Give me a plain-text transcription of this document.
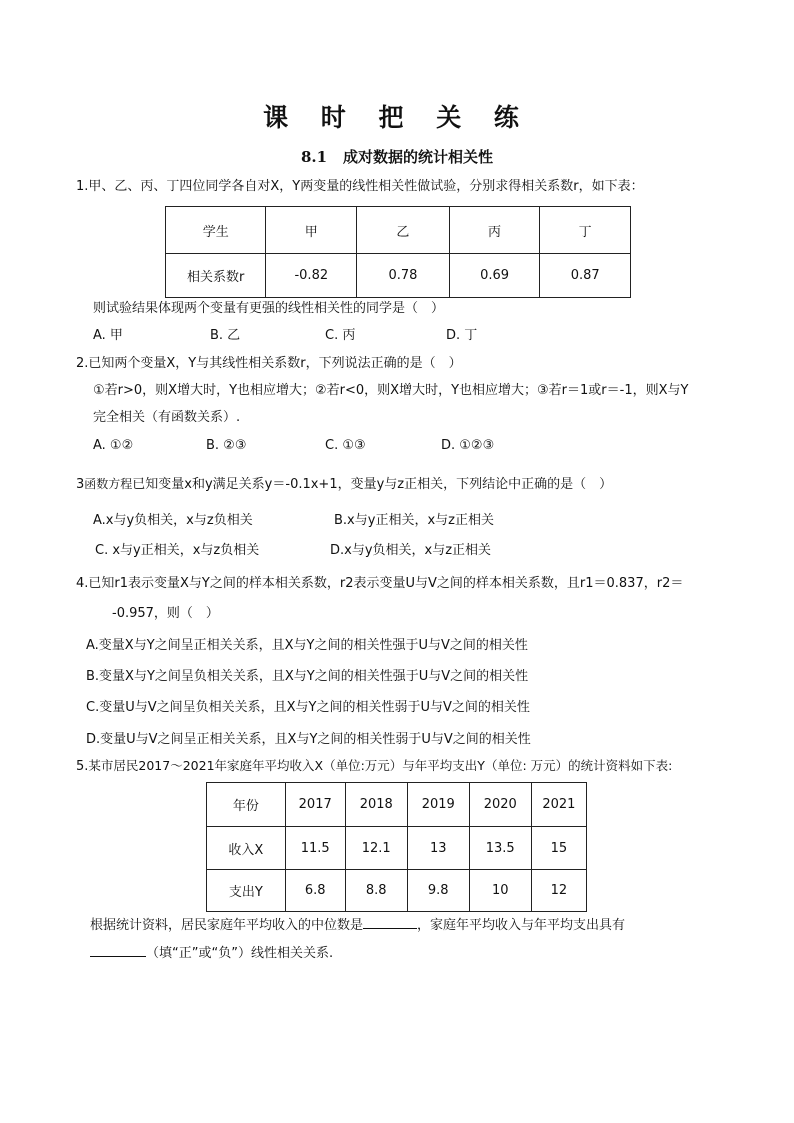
课 时 把 关 练
8.1 成对数据的统计相关性
1.甲、乙、丙、丁四位同学各自对X，Y两变量的线性相关性做试验，分别求得相关系数r，如下表：
学生	甲	乙	丙	丁
相关系数r	-0.82	0.78	0.69	0.87
则试验结果体现两个变量有更强的线性相关性的同学是（　）
A. 甲	B. 乙	C. 丙	D. 丁
2.已知两个变量X，Y与其线性相关系数r，下列说法正确的是（　）
①若r>0，则X增大时，Y也相应增大；②若r<0，则X增大时，Y也相应增大；③若r＝1或r＝-1，则X与Y
完全相关（有函数关系）.
A. ①②	B. ②③	C. ①③	D. ①②③
3函数方程已知变量x和y满足关系y＝-0.1x+1，变量y与z正相关，下列结论中正确的是（　）
A.x与y负相关，x与z负相关	B.x与y正相关，x与z正相关
C. x与y正相关，x与z负相关	D.x与y负相关，x与z正相关
4.已知r1表示变量X与Y之间的样本相关系数，r2表示变量U与V之间的样本相关系数，且r1＝0.837，r2＝
-0.957，则（　）
A.变量X与Y之间呈正相关关系，且X与Y之间的相关性强于U与V之间的相关性
B.变量X与Y之间呈负相关关系，且X与Y之间的相关性强于U与V之间的相关性
C.变量U与V之间呈负相关关系，且X与Y之间的相关性弱于U与V之间的相关性
D.变量U与V之间呈正相关关系，且X与Y之间的相关性弱于U与V之间的相关性
5.某市居民2017～2021年家庭年平均收入X（单位:万元）与年平均支出Y（单位: 万元）的统计资料如下表:
年份	2017	2018	2019	2020	2021
收入X	11.5	12.1	13	13.5	15
支出Y	6.8	8.8	9.8	10	12
根据统计资料，居民家庭年平均收入的中位数是	，家庭年平均收入与年平均支出具有
（填“正”或“负”）线性相关关系.
